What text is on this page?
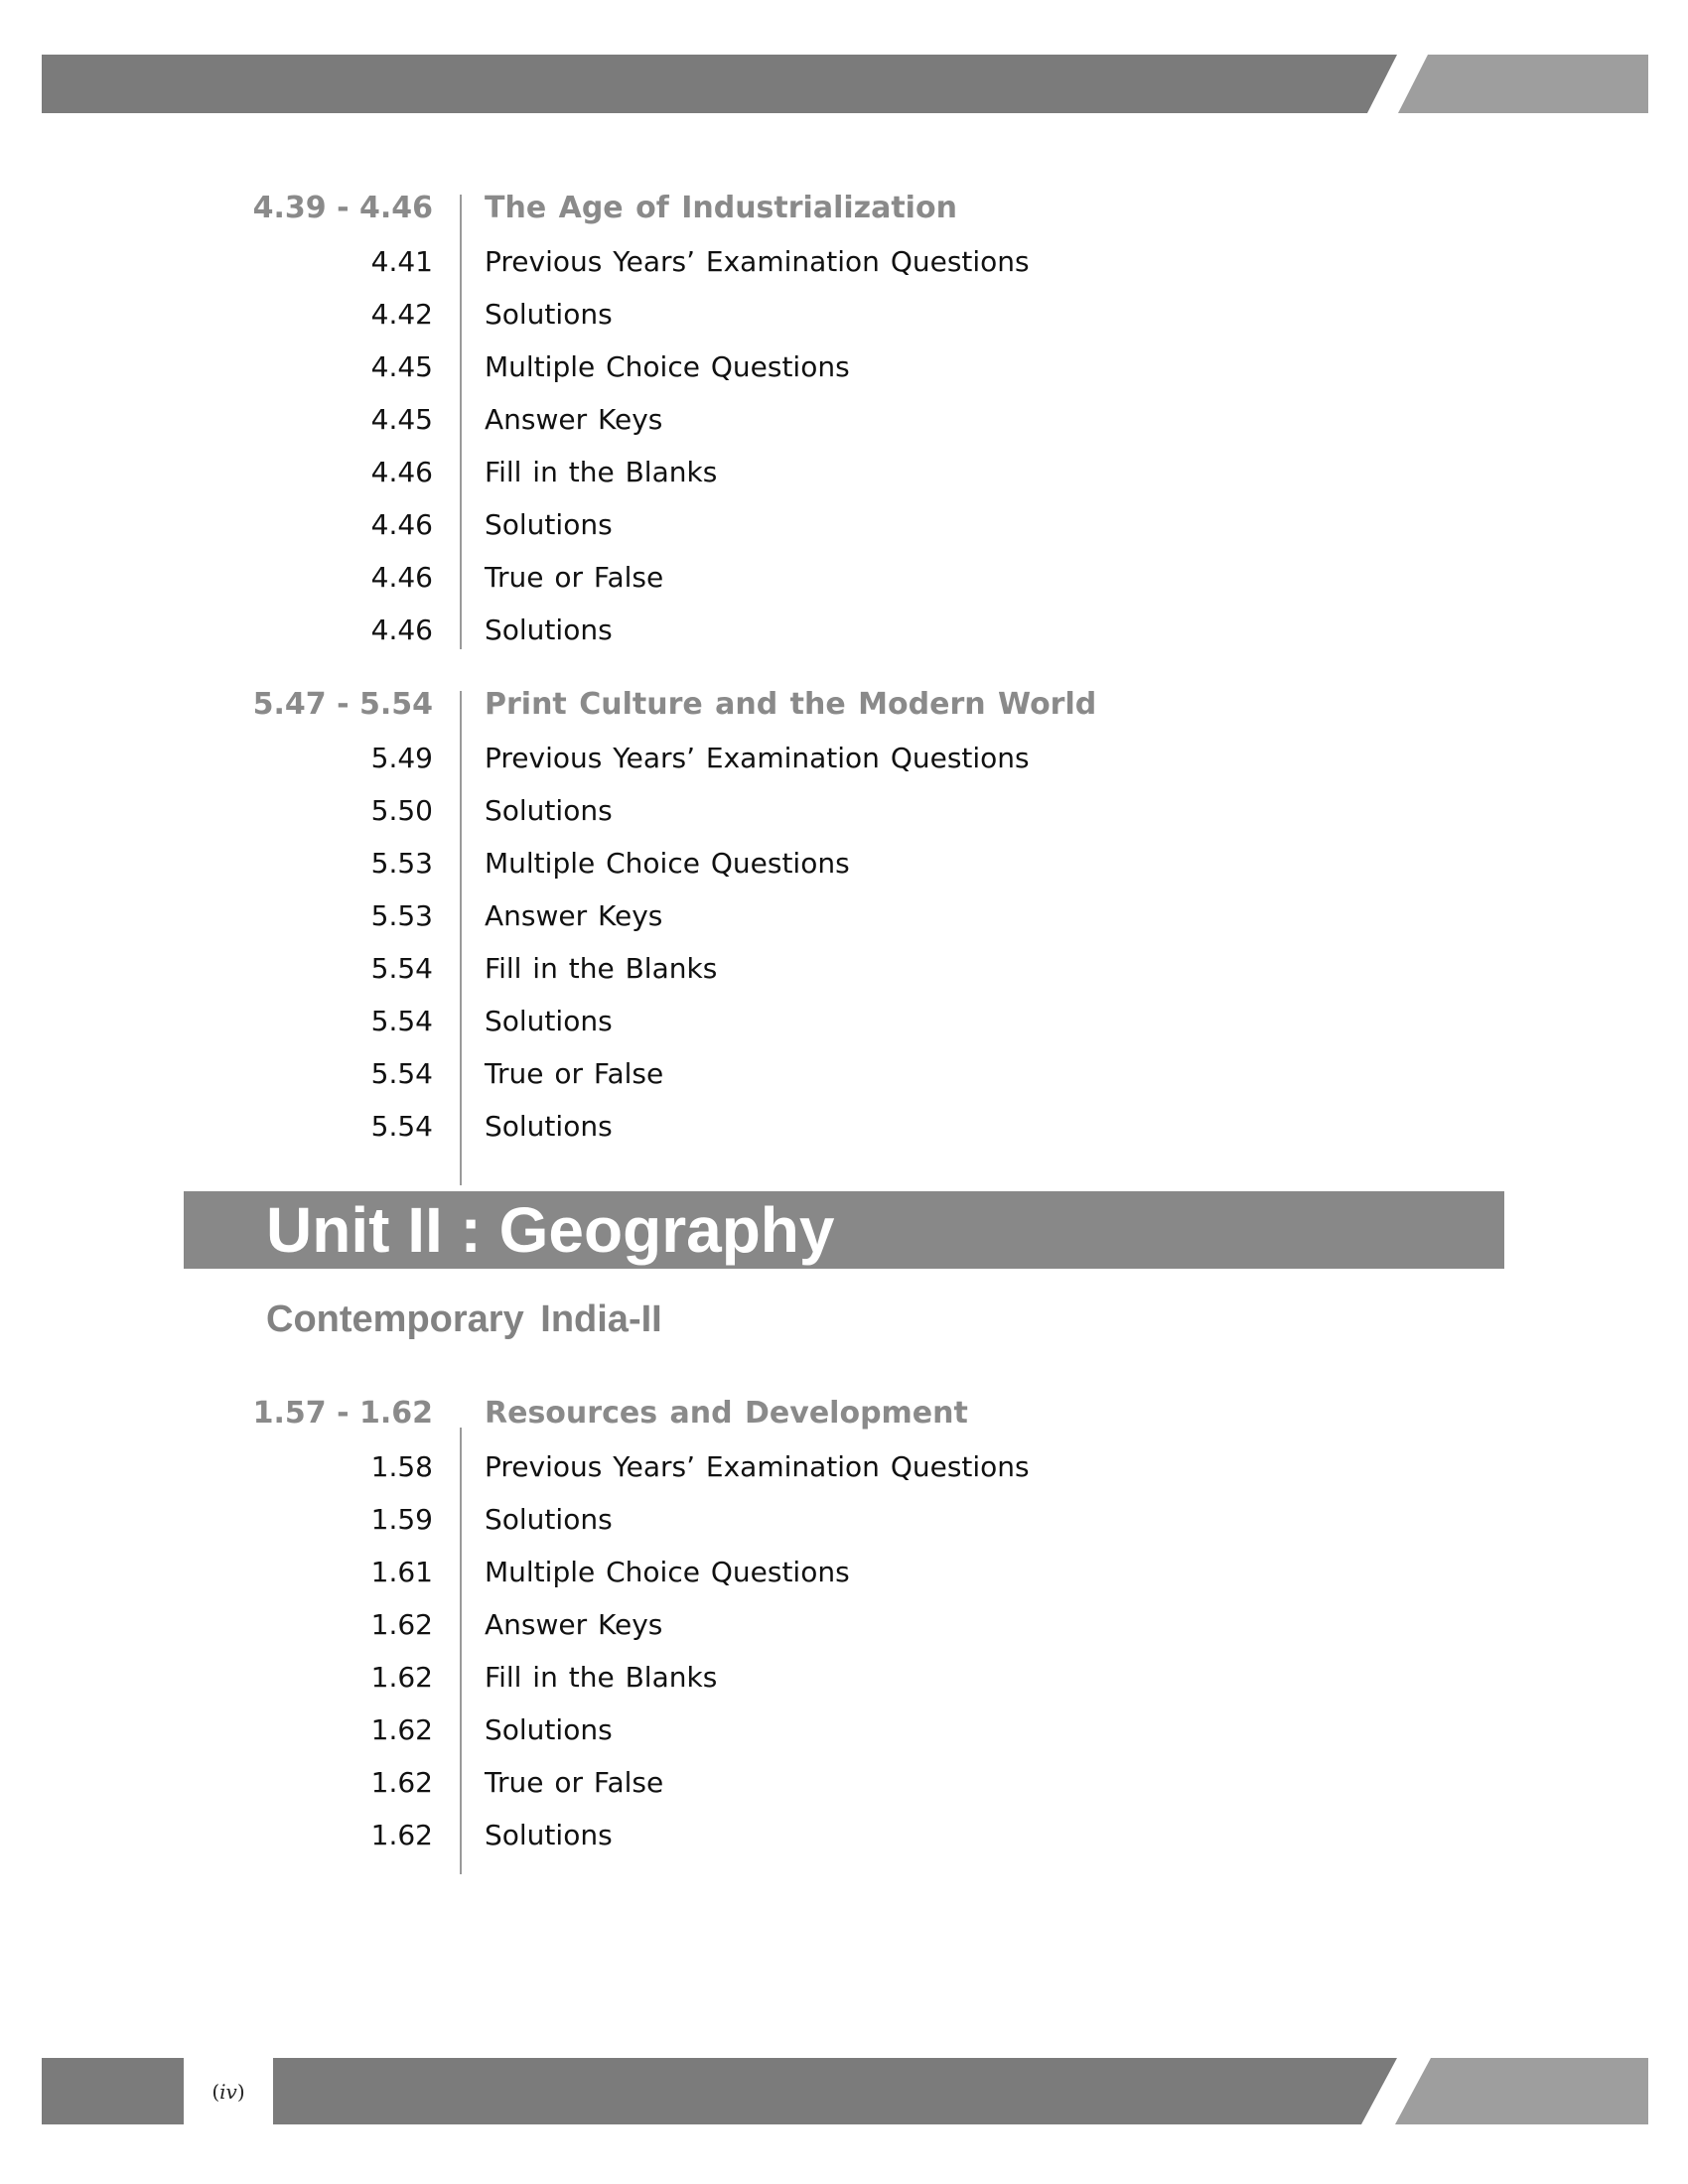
4.39 - 4.46 The Age of Industrialization
4.41 Previous Years’ Examination Questions
4.42 Solutions
4.45 Multiple Choice Questions
4.45 Answer Keys
4.46 Fill in the Blanks
4.46 Solutions
4.46 True or False
4.46 Solutions
5.47 - 5.54 Print Culture and the Modern World
5.49 Previous Years’ Examination Questions
5.50 Solutions
5.53 Multiple Choice Questions
5.53 Answer Keys
5.54 Fill in the Blanks
5.54 Solutions
5.54 True or False
5.54 Solutions
Unit II : Geography
Contemporary India-II
1.57 - 1.62 Resources and Development
1.58 Previous Years’ Examination Questions
1.59 Solutions
1.61 Multiple Choice Questions
1.62 Answer Keys
1.62 Fill in the Blanks
1.62 Solutions
1.62 True or False
1.62 Solutions
( iv )
